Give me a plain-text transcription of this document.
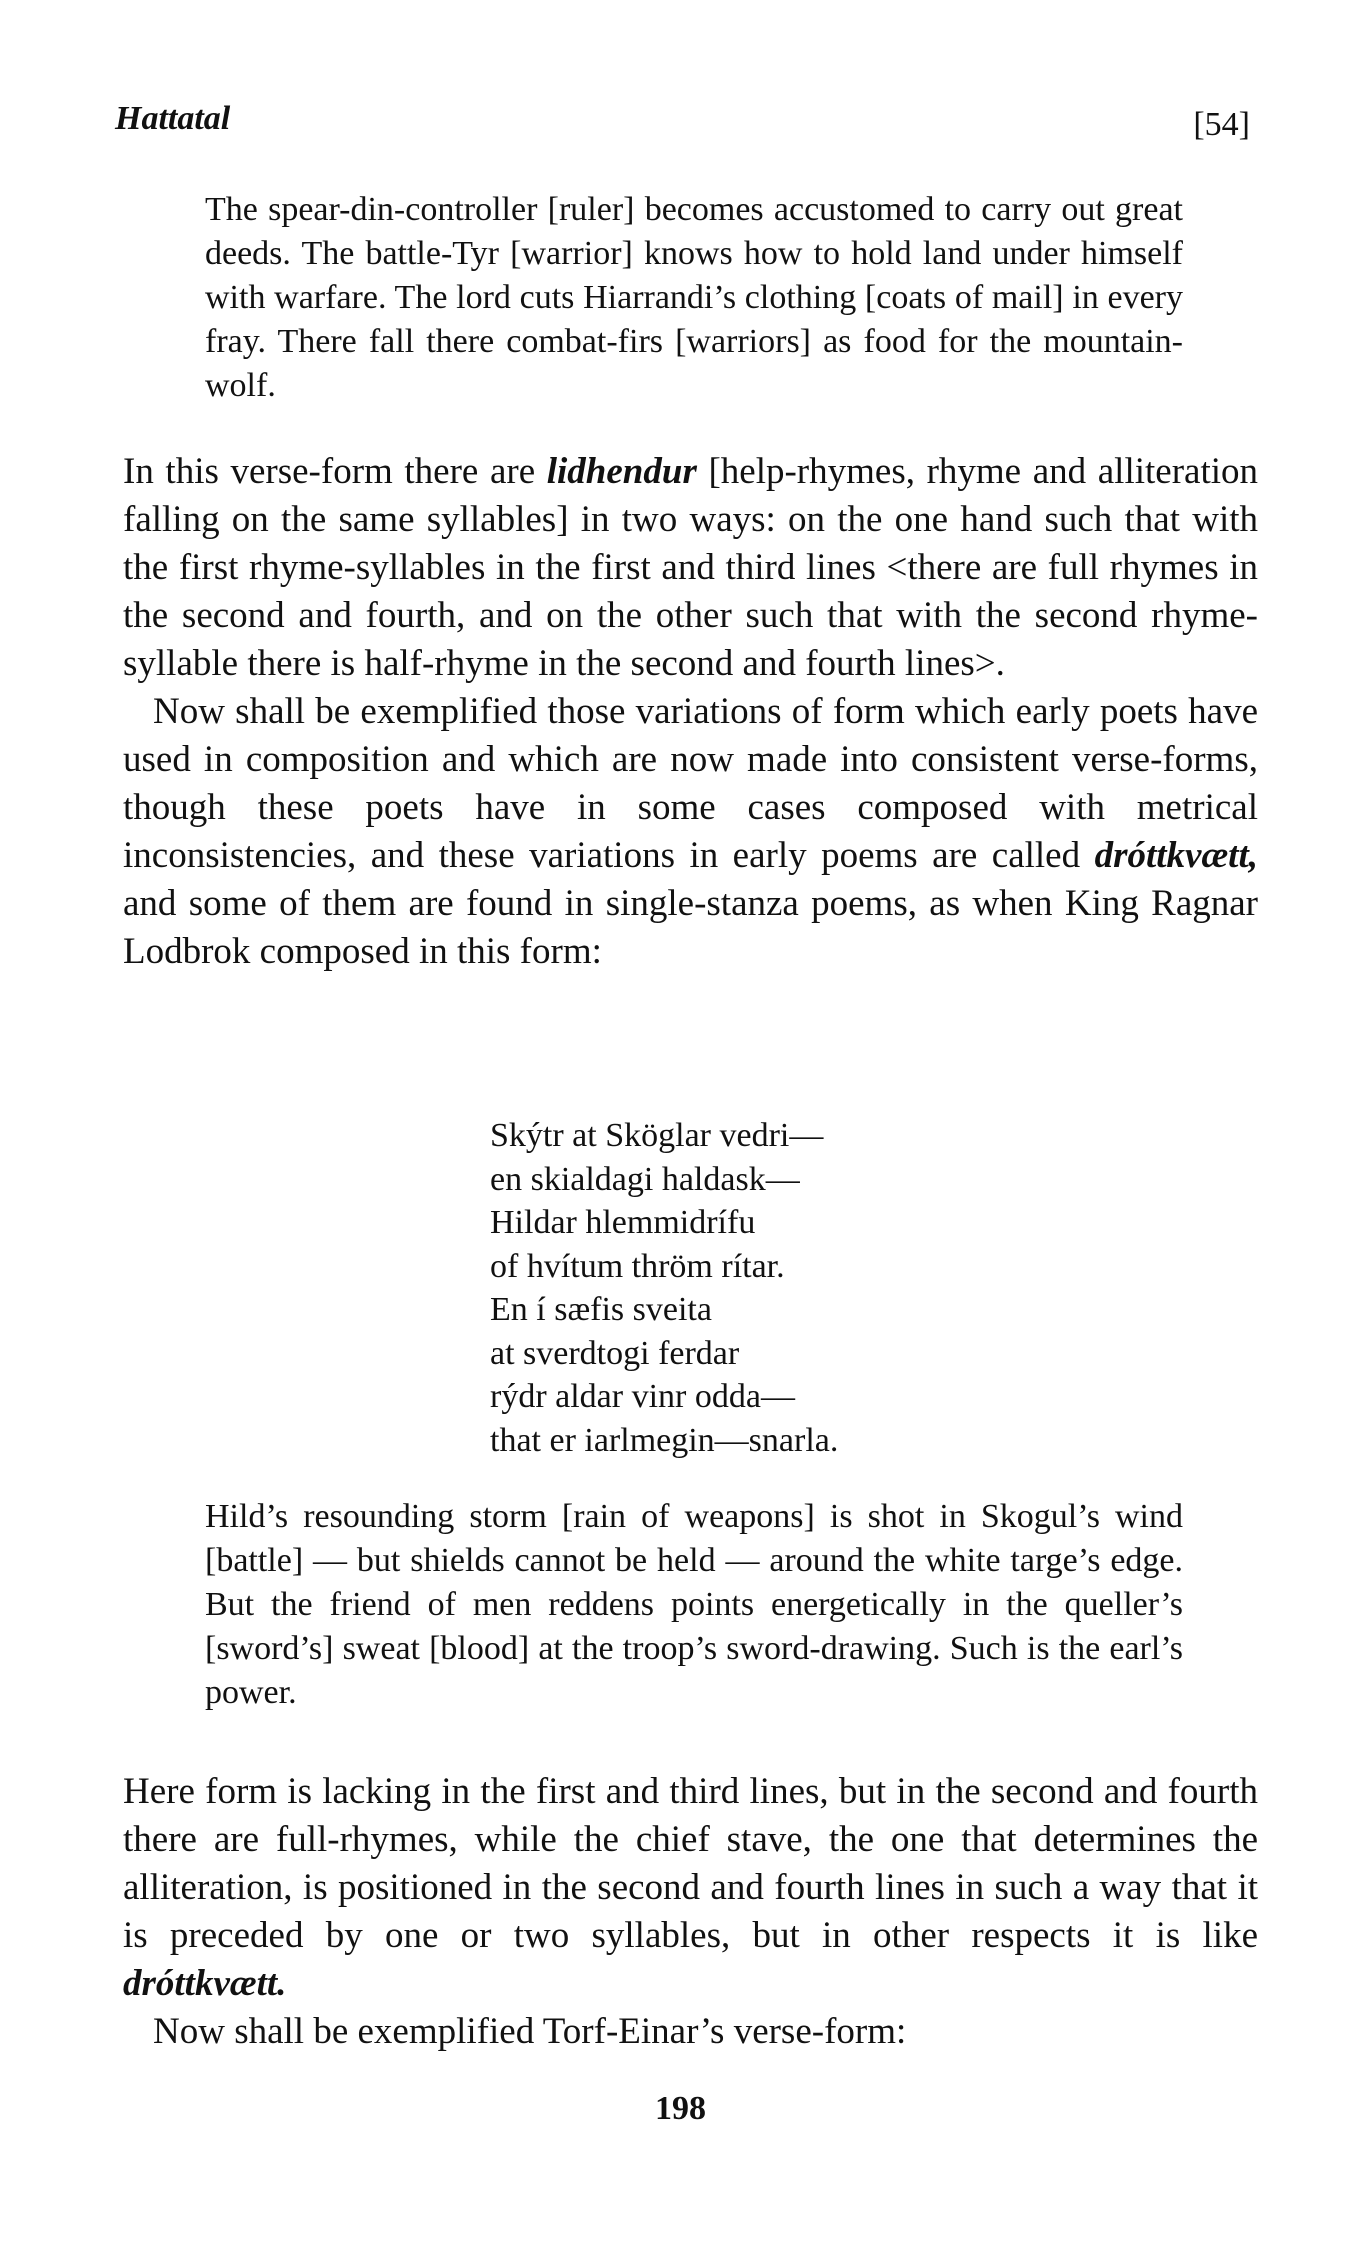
Hattatal	[54]

The spear-din-controller [ruler] becomes accustomed to carry out great deeds. The battle-Tyr [warrior] knows how to hold land under himself with warfare. The lord cuts Hiarrandi’s clothing [coats of mail] in every fray. There fall there combat-firs [warriors] as food for the mountain-wolf.

In this verse-form there are lidhendur [help-rhymes, rhyme and alliteration falling on the same syllables] in two ways: on the one hand such that with the first rhyme-syllables in the first and third lines <there are full rhymes in the second and fourth, and on the other such that with the second rhyme-syllable there is half-rhyme in the second and fourth lines>.

Now shall be exemplified those variations of form which early poets have used in composition and which are now made into consistent verse-forms, though these poets have in some cases composed with metrical inconsistencies, and these variations in early poems are called dróttkvætt, and some of them are found in single-stanza poems, as when King Ragnar Lodbrok composed in this form:

Skýtr at Sköglar vedri—
en skialdagi haldask—
Hildar hlemmidrífu
of hvítum thröm rítar.
En í sæfis sveita
at sverdtogi ferdar
rýdr aldar vinr odda—
that er iarlmegin—snarla.

Hild’s resounding storm [rain of weapons] is shot in Skogul’s wind [battle] — but shields cannot be held — around the white targe’s edge. But the friend of men reddens points energetically in the queller’s [sword’s] sweat [blood] at the troop’s sword-drawing. Such is the earl’s power.

Here form is lacking in the first and third lines, but in the second and fourth there are full-rhymes, while the chief stave, the one that determines the alliteration, is positioned in the second and fourth lines in such a way that it is preceded by one or two syllables, but in other respects it is like dróttkvætt.

Now shall be exemplified Torf-Einar’s verse-form:

198
